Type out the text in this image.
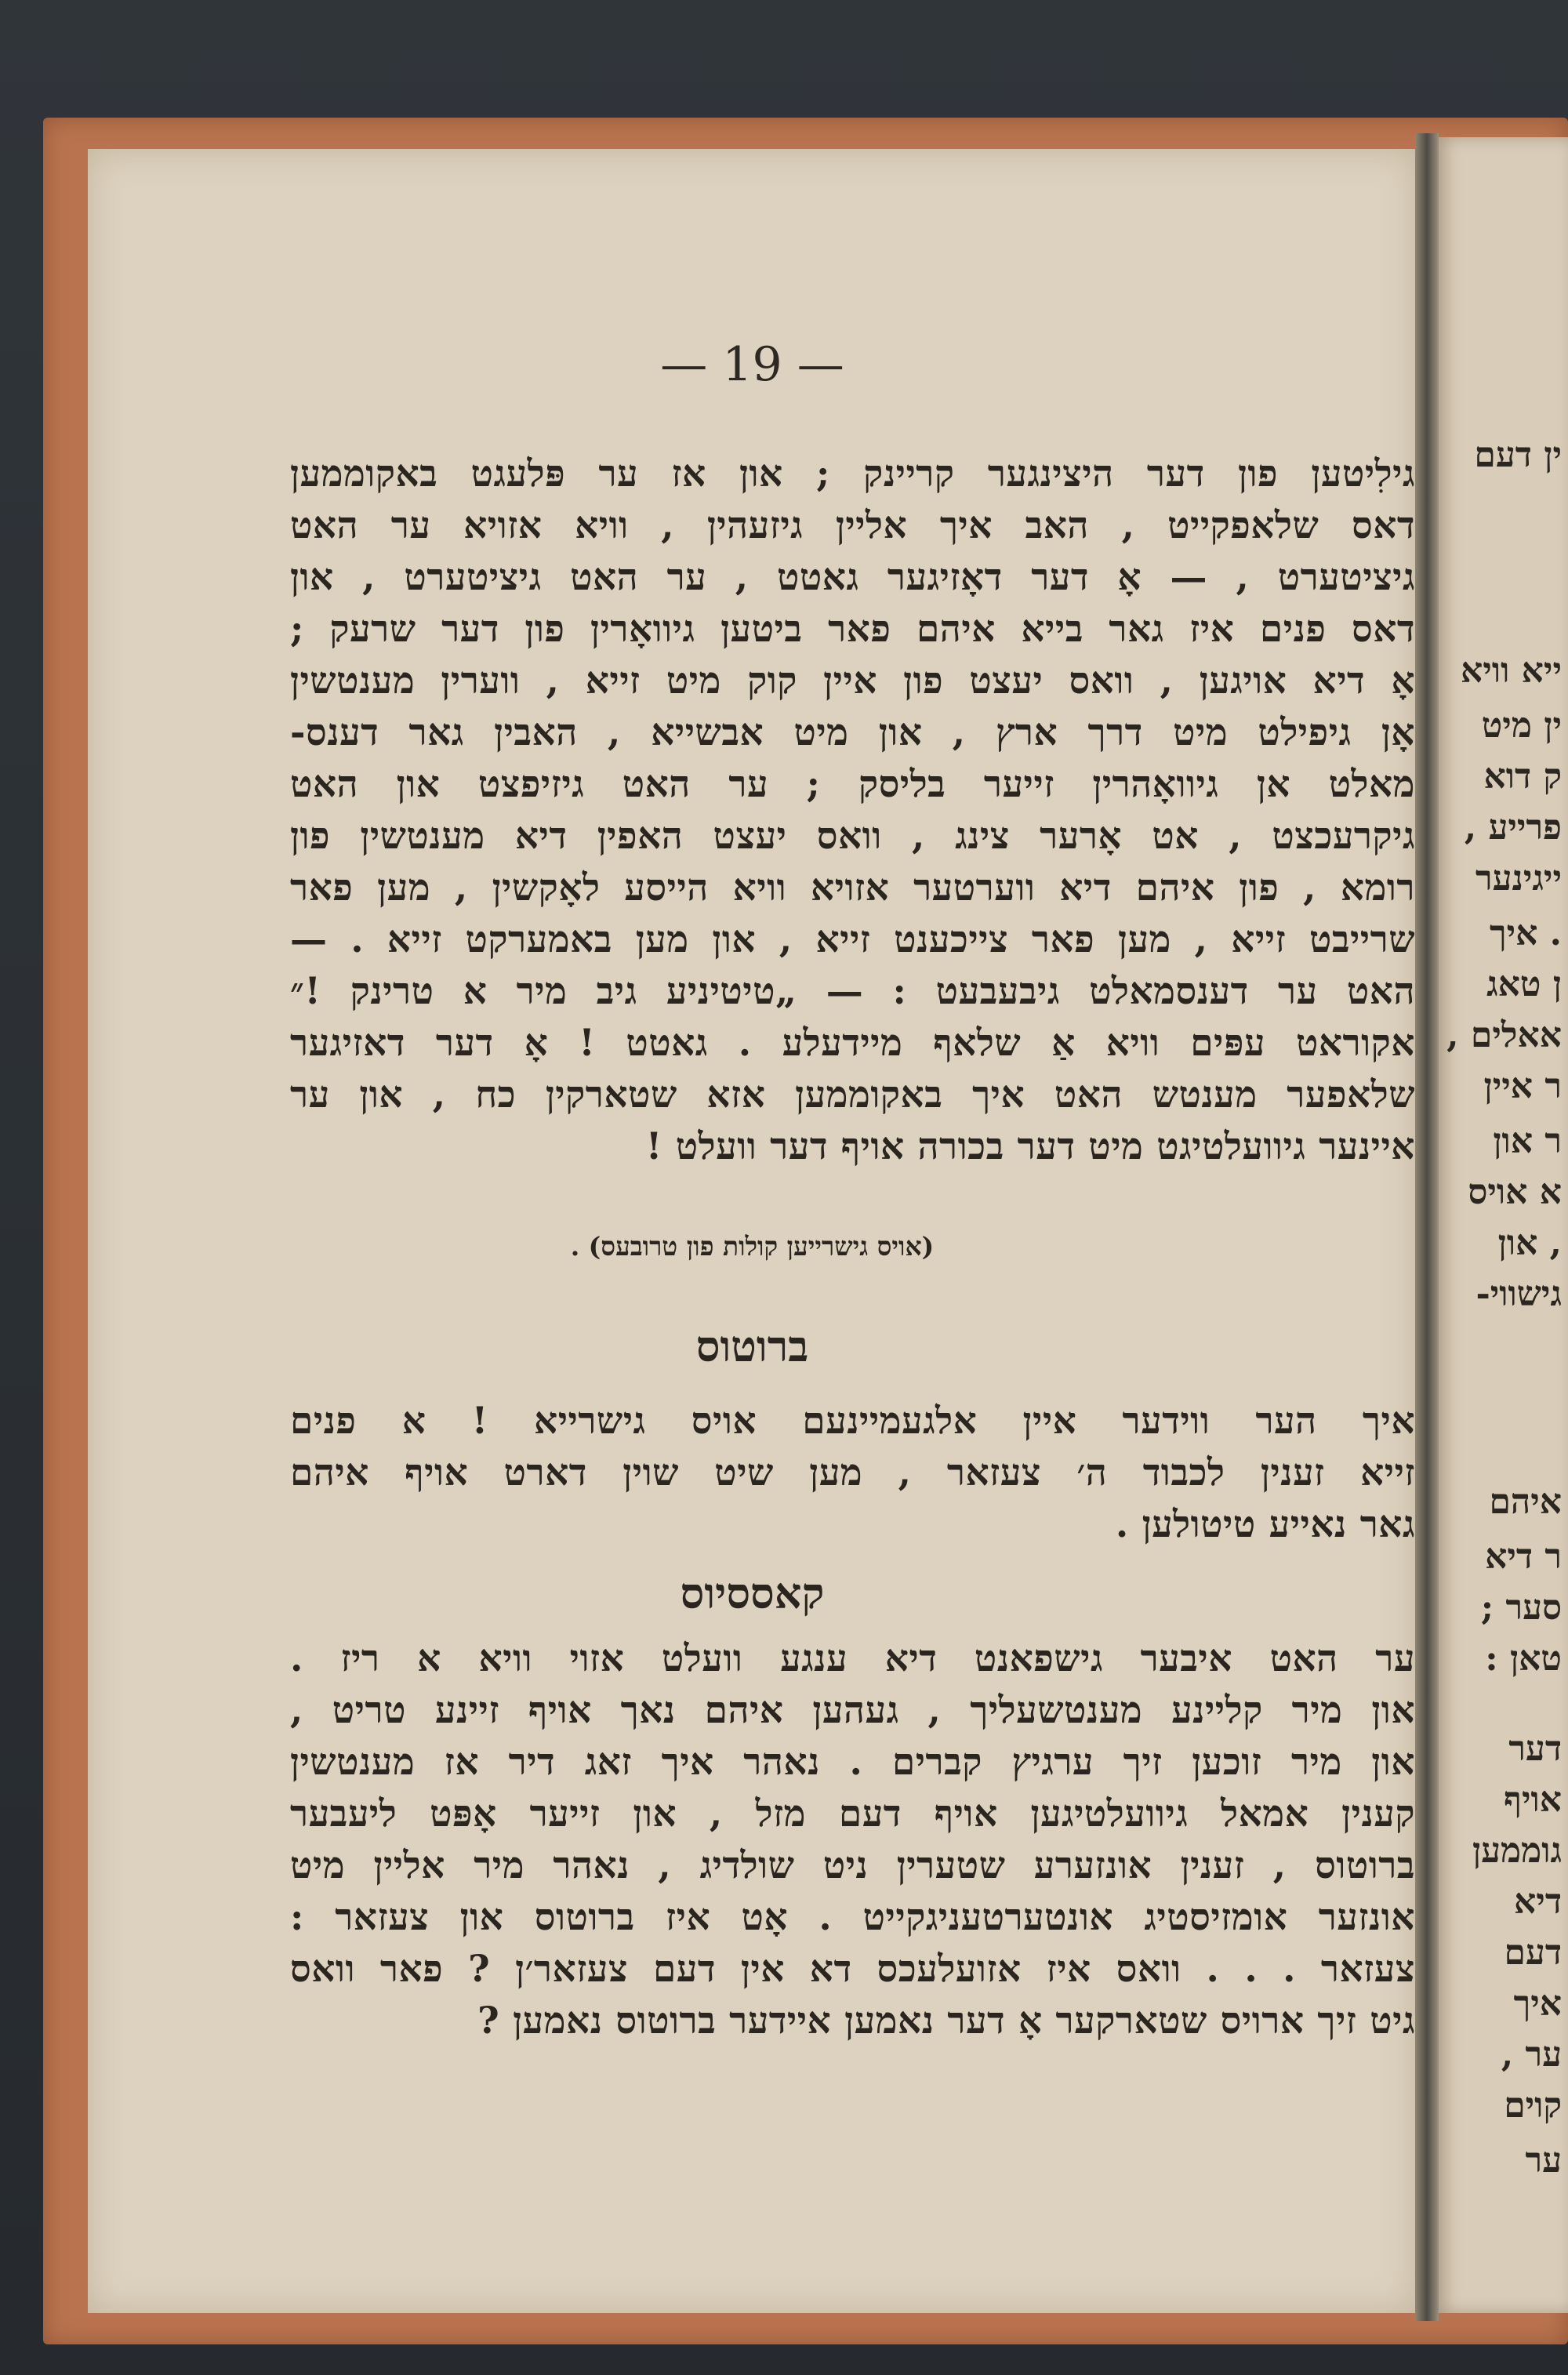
ין דעם
ייא וויא
ין מיט
ק דוא
פרייע ,
ייגינער
. איך
ן טאג
אאלים ,
ר איין
ר און
א אויס
, און
גישווי-
איהם
ר דיא
סער ;
טאן :
דער
אויף
גוממען
דיא
דעם
איך
ער ,
קוים
ער
— 19 —
גילִיטען פון דער היצינגער קריינק ; און אז ער פּלעגט באקוממען
דאס שלאפקייט , האב איך אליין גיזעהין , וויא אזויא ער האט
גיציטערט , — אָ דער דאָזיגער גאטט , ער האט גיציטערט , און
דאס פנים איז גאר בייא איהם פאר ביטען גיוואָרין פון דער שרעק ;
אָ דיא אויגען , וואס יעצט פון איין קוק מיט זייא , ווערין מענטשין
אָן גיפילט מיט דרך ארץ , און מיט אבשייא , האבין גאר דענס-
מאלט אן גיוואָהרין זייער בליסק ; ער האט גיזיפצט און האט
גיקרעכצט , אט אָרער צינג , וואס יעצט האפין דיא מענטשין פון
רומא , פון איהם דיא ווערטער אזויא וויא הייסע לאָקשין , מען פאר
שרייבט זייא , מען פאר צייכענט זייא , און מען באמערקט זייא . —
האט ער דענסמאלט גיבעבעט : — „טיטיניע גיב מיר א טרינק !״
אקוראט עפּים וויא אַ שלאף מיידעלע . גאטט ! אָ דער דאזיגער
שלאפער מענטש האט איך באקוממען אזא שטארקין כח , און ער
איינער גיוועלטיגט מיט דער בכורה אויף דער וועלט !
(אויס גישרייען קולות פון טרובעס) .
ברוטוס
איך הער ווידער איין אלגעמיינעם אויס גישרייא ! א פנים
זייא זענין לכבוד ה׳ צעזאר , מען שיט שוין דארט אויף איהם
גאר נאייע טיטולען .
קאססיוס
ער האט איבער גישפאנט דיא ענגע וועלט אזוי וויא א ריז .
און מיר קליינע מענטשעליך , געהען איהם נאך אויף זיינע טריט ,
און מיר זוכען זיך ערגיץ קברים . נאהר איך זאג דיר אז מענטשין
קענין אמאל גיוועלטיגען אויף דעם מזל , און זייער אָפּט ליעבער
ברוטוס , זענין אונזערע שטערין ניט שולדיג , נאהר מיר אליין מיט
אונזער אומזיסטיג אונטערטעניגקייט . אָט איז ברוטוס און צעזאר :
צעזאר . . . וואס איז אזועלעכס דא אין דעם צעזאר׳ן ? פאר וואס
גיט זיך ארויס שטארקער אָ דער נאמען איידער ברוטוס נאמען ?
